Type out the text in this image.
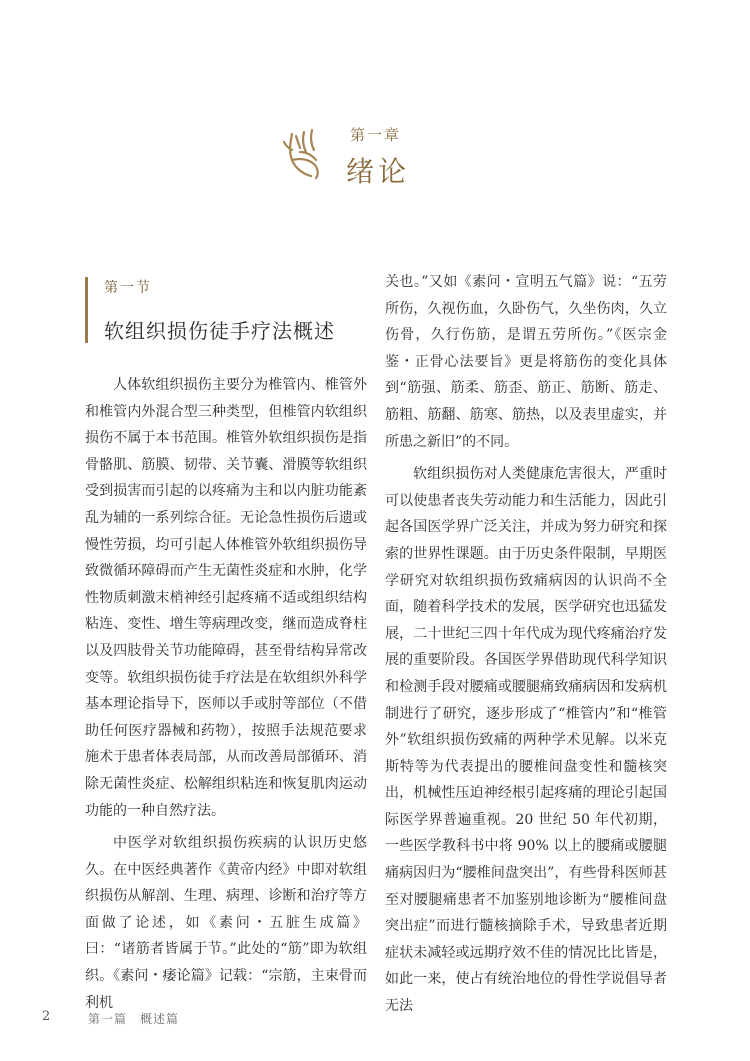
第一章
绪论
第一节
软组织损伤徒手疗法概述

人体软组织损伤主要分为椎管内、椎管外和椎管内外混合型三种类型，但椎管内软组织损伤不属于本书范围。椎管外软组织损伤是指骨骼肌、筋膜、韧带、关节囊、滑膜等软组织受到损害而引起的以疼痛为主和以内脏功能紊乱为辅的一系列综合征。无论急性损伤后遗或慢性劳损，均可引起人体椎管外软组织损伤导致微循环障碍而产生无菌性炎症和水肿，化学性物质刺激末梢神经引起疼痛不适或组织结构粘连、变性、增生等病理改变，继而造成脊柱以及四肢骨关节功能障碍，甚至骨结构异常改变等。软组织损伤徒手疗法是在软组织外科学基本理论指导下，医师以手或肘等部位（不借助任何医疗器械和药物），按照手法规范要求施术于患者体表局部，从而改善局部循环、消除无菌性炎症、松解组织粘连和恢复肌肉运动功能的一种自然疗法。

中医学对软组织损伤疾病的认识历史悠久。在中医经典著作《黄帝内经》中即对软组织损伤从解剖、生理、病理、诊断和治疗等方面做了论述，如《素问・五脏生成篇》曰：“诸筋者皆属于节。”此处的“筋”即为软组织。《素问・痿论篇》记载：“宗筋，主束骨而利机

关也。”又如《素问・宣明五气篇》说：“五劳所伤，久视伤血，久卧伤气，久坐伤肉，久立伤骨，久行伤筋，是谓五劳所伤。”《医宗金鉴・正骨心法要旨》更是将筋伤的变化具体到“筋强、筋柔、筋歪、筋正、筋断、筋走、筋粗、筋翻、筋寒、筋热，以及表里虚实，并所患之新旧”的不同。

软组织损伤对人类健康危害很大，严重时可以使患者丧失劳动能力和生活能力，因此引起各国医学界广泛关注，并成为努力研究和探索的世界性课题。由于历史条件限制，早期医学研究对软组织损伤致痛病因的认识尚不全面，随着科学技术的发展，医学研究也迅猛发展，二十世纪三四十年代成为现代疼痛治疗发展的重要阶段。各国医学界借助现代科学知识和检测手段对腰痛或腰腿痛致痛病因和发病机制进行了研究，逐步形成了“椎管内”和“椎管外”软组织损伤致痛的两种学术见解。以米克斯特等为代表提出的腰椎间盘变性和髓核突出，机械性压迫神经根引起疼痛的理论引起国际医学界普遍重视。20 世纪 50 年代初期，一些医学教科书中将 90% 以上的腰痛或腰腿痛病因归为“腰椎间盘突出”，有些骨科医师甚至对腰腿痛患者不加鉴别地诊断为“腰椎间盘突出症”而进行髓核摘除手术，导致患者近期症状未减轻或远期疗效不佳的情况比比皆是，如此一来，使占有统治地位的骨性学说倡导者无法

2	第一篇　概述篇
